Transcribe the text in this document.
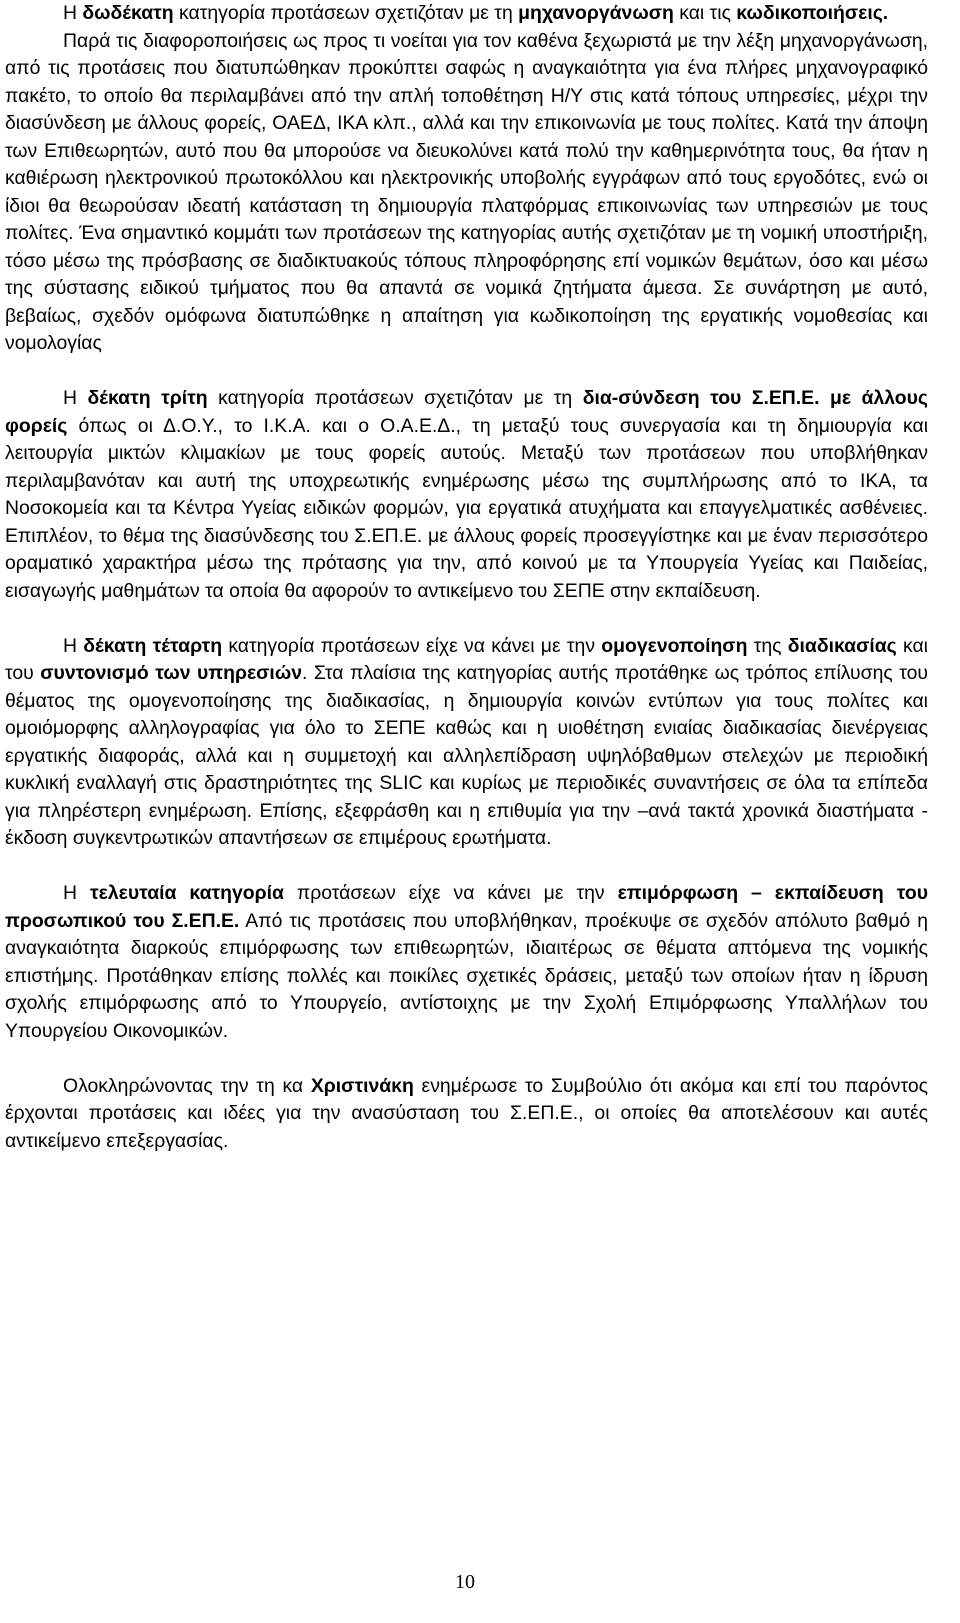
Η δωδέκατη κατηγορία προτάσεων σχετιζόταν με τη μηχανοργάνωση και τις κωδικοποιήσεις.

Παρά τις διαφοροποιήσεις ως προς τι νοείται για τον καθένα ξεχωριστά με την λέξη μηχανοργάνωση, από τις προτάσεις που διατυπώθηκαν προκύπτει σαφώς η αναγκαιότητα για ένα πλήρες μηχανογραφικό πακέτο, το οποίο θα περιλαμβάνει από την απλή τοποθέτηση Η/Υ στις κατά τόπους υπηρεσίες, μέχρι την διασύνδεση με άλλους φορείς, ΟΑΕΔ, ΙΚΑ κλπ., αλλά και την επικοινωνία με τους πολίτες. Κατά την άποψη των Επιθεωρητών, αυτό που θα μπορούσε να διευκολύνει κατά πολύ την καθημερινότητα τους, θα ήταν η καθιέρωση ηλεκτρονικού πρωτοκόλλου και ηλεκτρονικής υποβολής εγγράφων από τους εργοδότες, ενώ οι ίδιοι θα θεωρούσαν ιδεατή κατάσταση τη δημιουργία πλατφόρμας επικοινωνίας των υπηρεσιών με τους πολίτες. Ένα σημαντικό κομμάτι των προτάσεων της κατηγορίας αυτής σχετιζόταν με τη νομική υποστήριξη, τόσο μέσω της πρόσβασης σε διαδικτυακούς τόπους πληροφόρησης επί νομικών θεμάτων, όσο και μέσω της σύστασης ειδικού τμήματος που θα απαντά σε νομικά ζητήματα άμεσα. Σε συνάρτηση με αυτό, βεβαίως, σχεδόν ομόφωνα διατυπώθηκε η απαίτηση για κωδικοποίηση της εργατικής νομοθεσίας και νομολογίας

Η δέκατη τρίτη κατηγορία προτάσεων σχετιζόταν με τη δια-σύνδεση του Σ.ΕΠ.Ε. με άλλους φορείς όπως οι Δ.Ο.Υ., το Ι.Κ.Α. και ο Ο.Α.Ε.Δ., τη μεταξύ τους συνεργασία και τη δημιουργία και λειτουργία μικτών κλιμακίων με τους φορείς αυτούς. Μεταξύ των προτάσεων που υποβλήθηκαν περιλαμβανόταν και αυτή της υποχρεωτικής ενημέρωσης μέσω της συμπλήρωσης από το ΙΚΑ, τα Νοσοκομεία και τα Κέντρα Υγείας ειδικών φορμών, για εργατικά ατυχήματα και επαγγελματικές ασθένειες. Επιπλέον, το θέμα της διασύνδεσης του Σ.ΕΠ.Ε. με άλλους φορείς προσεγγίστηκε και με έναν περισσότερο οραματικό χαρακτήρα μέσω της πρότασης για την, από κοινού με τα Υπουργεία Υγείας και Παιδείας, εισαγωγής μαθημάτων τα οποία θα αφορούν το αντικείμενο του ΣΕΠΕ στην εκπαίδευση.

Η δέκατη τέταρτη κατηγορία προτάσεων είχε να κάνει με την ομογενοποίηση της διαδικασίας και του συντονισμό των υπηρεσιών. Στα πλαίσια της κατηγορίας αυτής προτάθηκε ως τρόπος επίλυσης του θέματος της ομογενοποίησης της διαδικασίας, η δημιουργία κοινών εντύπων για τους πολίτες και ομοιόμορφης αλληλογραφίας για όλο το ΣΕΠΕ καθώς και η υιοθέτηση ενιαίας διαδικασίας διενέργειας εργατικής διαφοράς, αλλά και η συμμετοχή και αλληλεπίδραση υψηλόβαθμων στελεχών με περιοδική κυκλική εναλλαγή στις δραστηριότητες της SLIC και κυρίως με περιοδικές συναντήσεις σε όλα τα επίπεδα για πληρέστερη ενημέρωση. Επίσης, εξεφράσθη και η επιθυμία για την –ανά τακτά χρονικά διαστήματα - έκδοση συγκεντρωτικών απαντήσεων σε επιμέρους ερωτήματα.

Η τελευταία κατηγορία προτάσεων είχε να κάνει με την επιμόρφωση – εκπαίδευση του προσωπικού του Σ.ΕΠ.Ε. Από τις προτάσεις που υποβλήθηκαν, προέκυψε σε σχεδόν απόλυτο βαθμό η αναγκαιότητα διαρκούς επιμόρφωσης των επιθεωρητών, ιδιαιτέρως σε θέματα απτόμενα της νομικής επιστήμης. Προτάθηκαν επίσης πολλές και ποικίλες σχετικές δράσεις, μεταξύ των οποίων ήταν η ίδρυση σχολής επιμόρφωσης από το Υπουργείο, αντίστοιχης με την Σχολή Επιμόρφωσης Υπαλλήλων του Υπουργείου Οικονομικών.

Ολοκληρώνοντας την τη κα Χριστινάκη ενημέρωσε το Συμβούλιο ότι ακόμα και επί του παρόντος έρχονται προτάσεις και ιδέες για την ανασύσταση του Σ.ΕΠ.Ε., οι οποίες θα αποτελέσουν και αυτές αντικείμενο επεξεργασίας.

10
